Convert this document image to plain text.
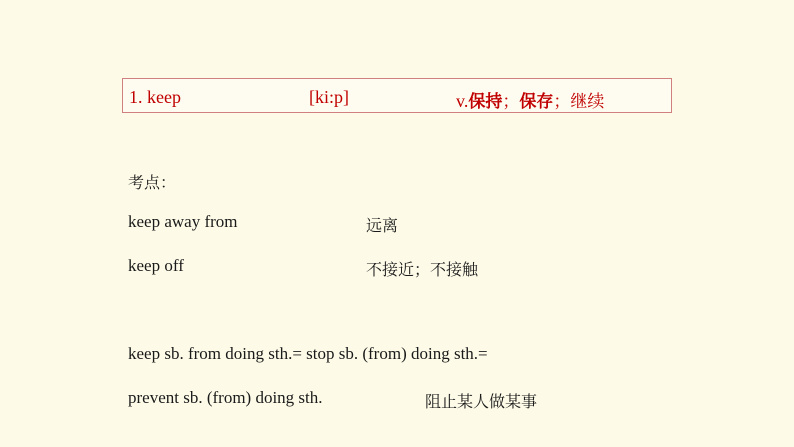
1. keep	[ki:p]	v.保持；保存；继续
考点：
keep away from	远离
keep off	不接近；不接触
keep sb. from doing sth.= stop sb. (from) doing sth.=
prevent sb. (from) doing sth.	阻止某人做某事
